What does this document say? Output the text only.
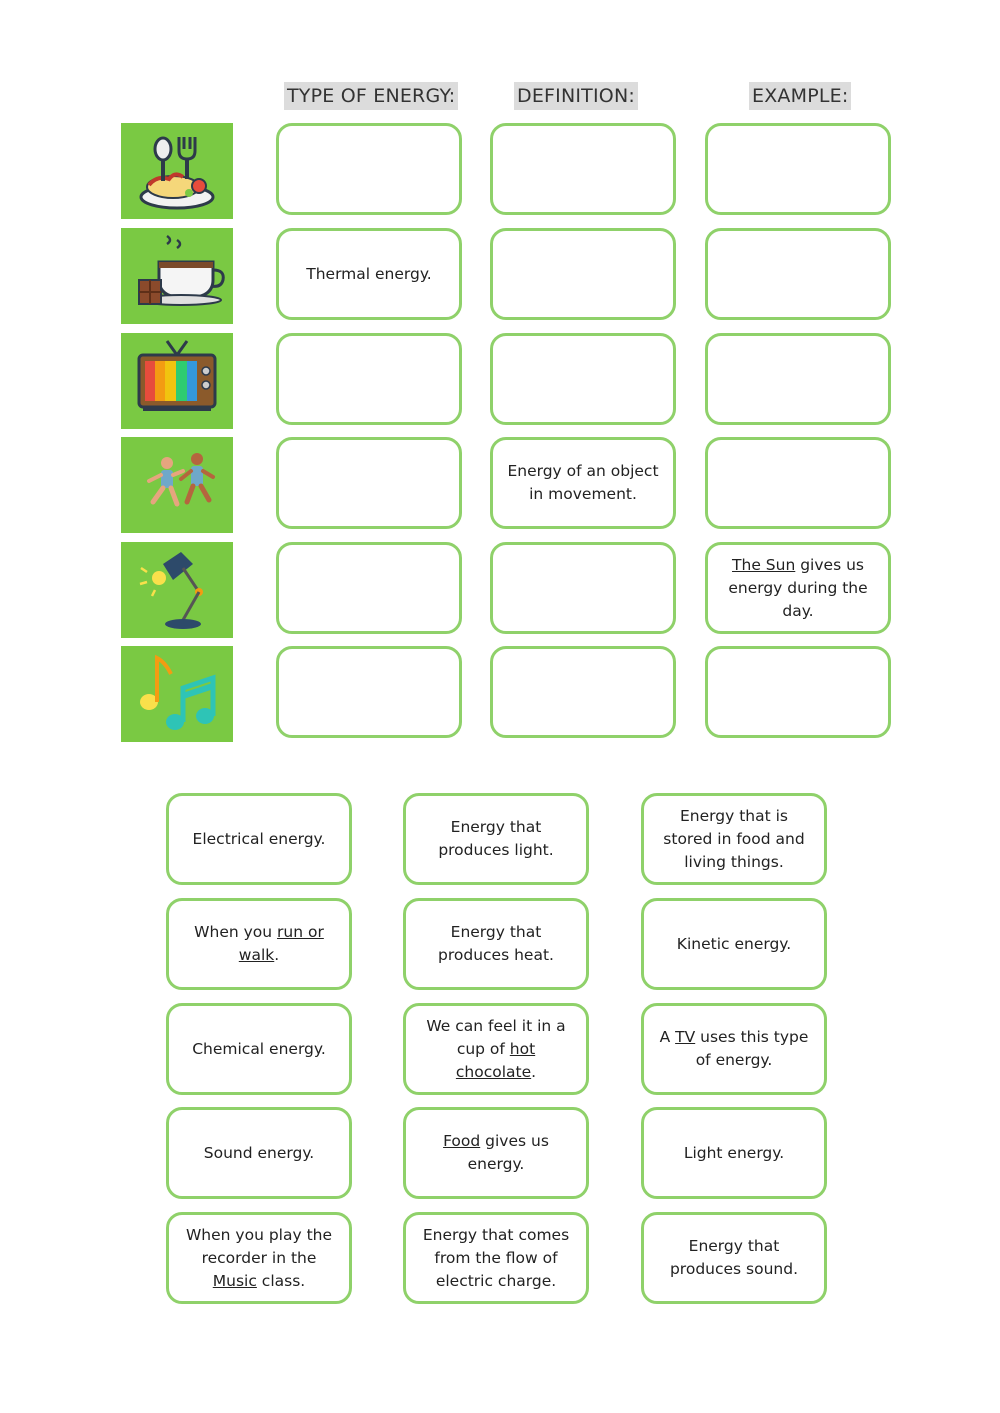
TYPE OF ENERGY:	DEFINITION:	EXAMPLE:
Thermal energy.
Energy of an object in movement.
The Sun gives us energy during the day.
Electrical energy.
When you run or walk.
Chemical energy.
Sound energy.
When you play the recorder in the Music class.
Energy that produces light.
Energy that produces heat.
We can feel it in a cup of hot chocolate.
Food gives us energy.
Energy that comes from the flow of electric charge.
Energy that is stored in food and living things.
Kinetic energy.
A TV uses this type of energy.
Light energy.
Energy that produces sound.
